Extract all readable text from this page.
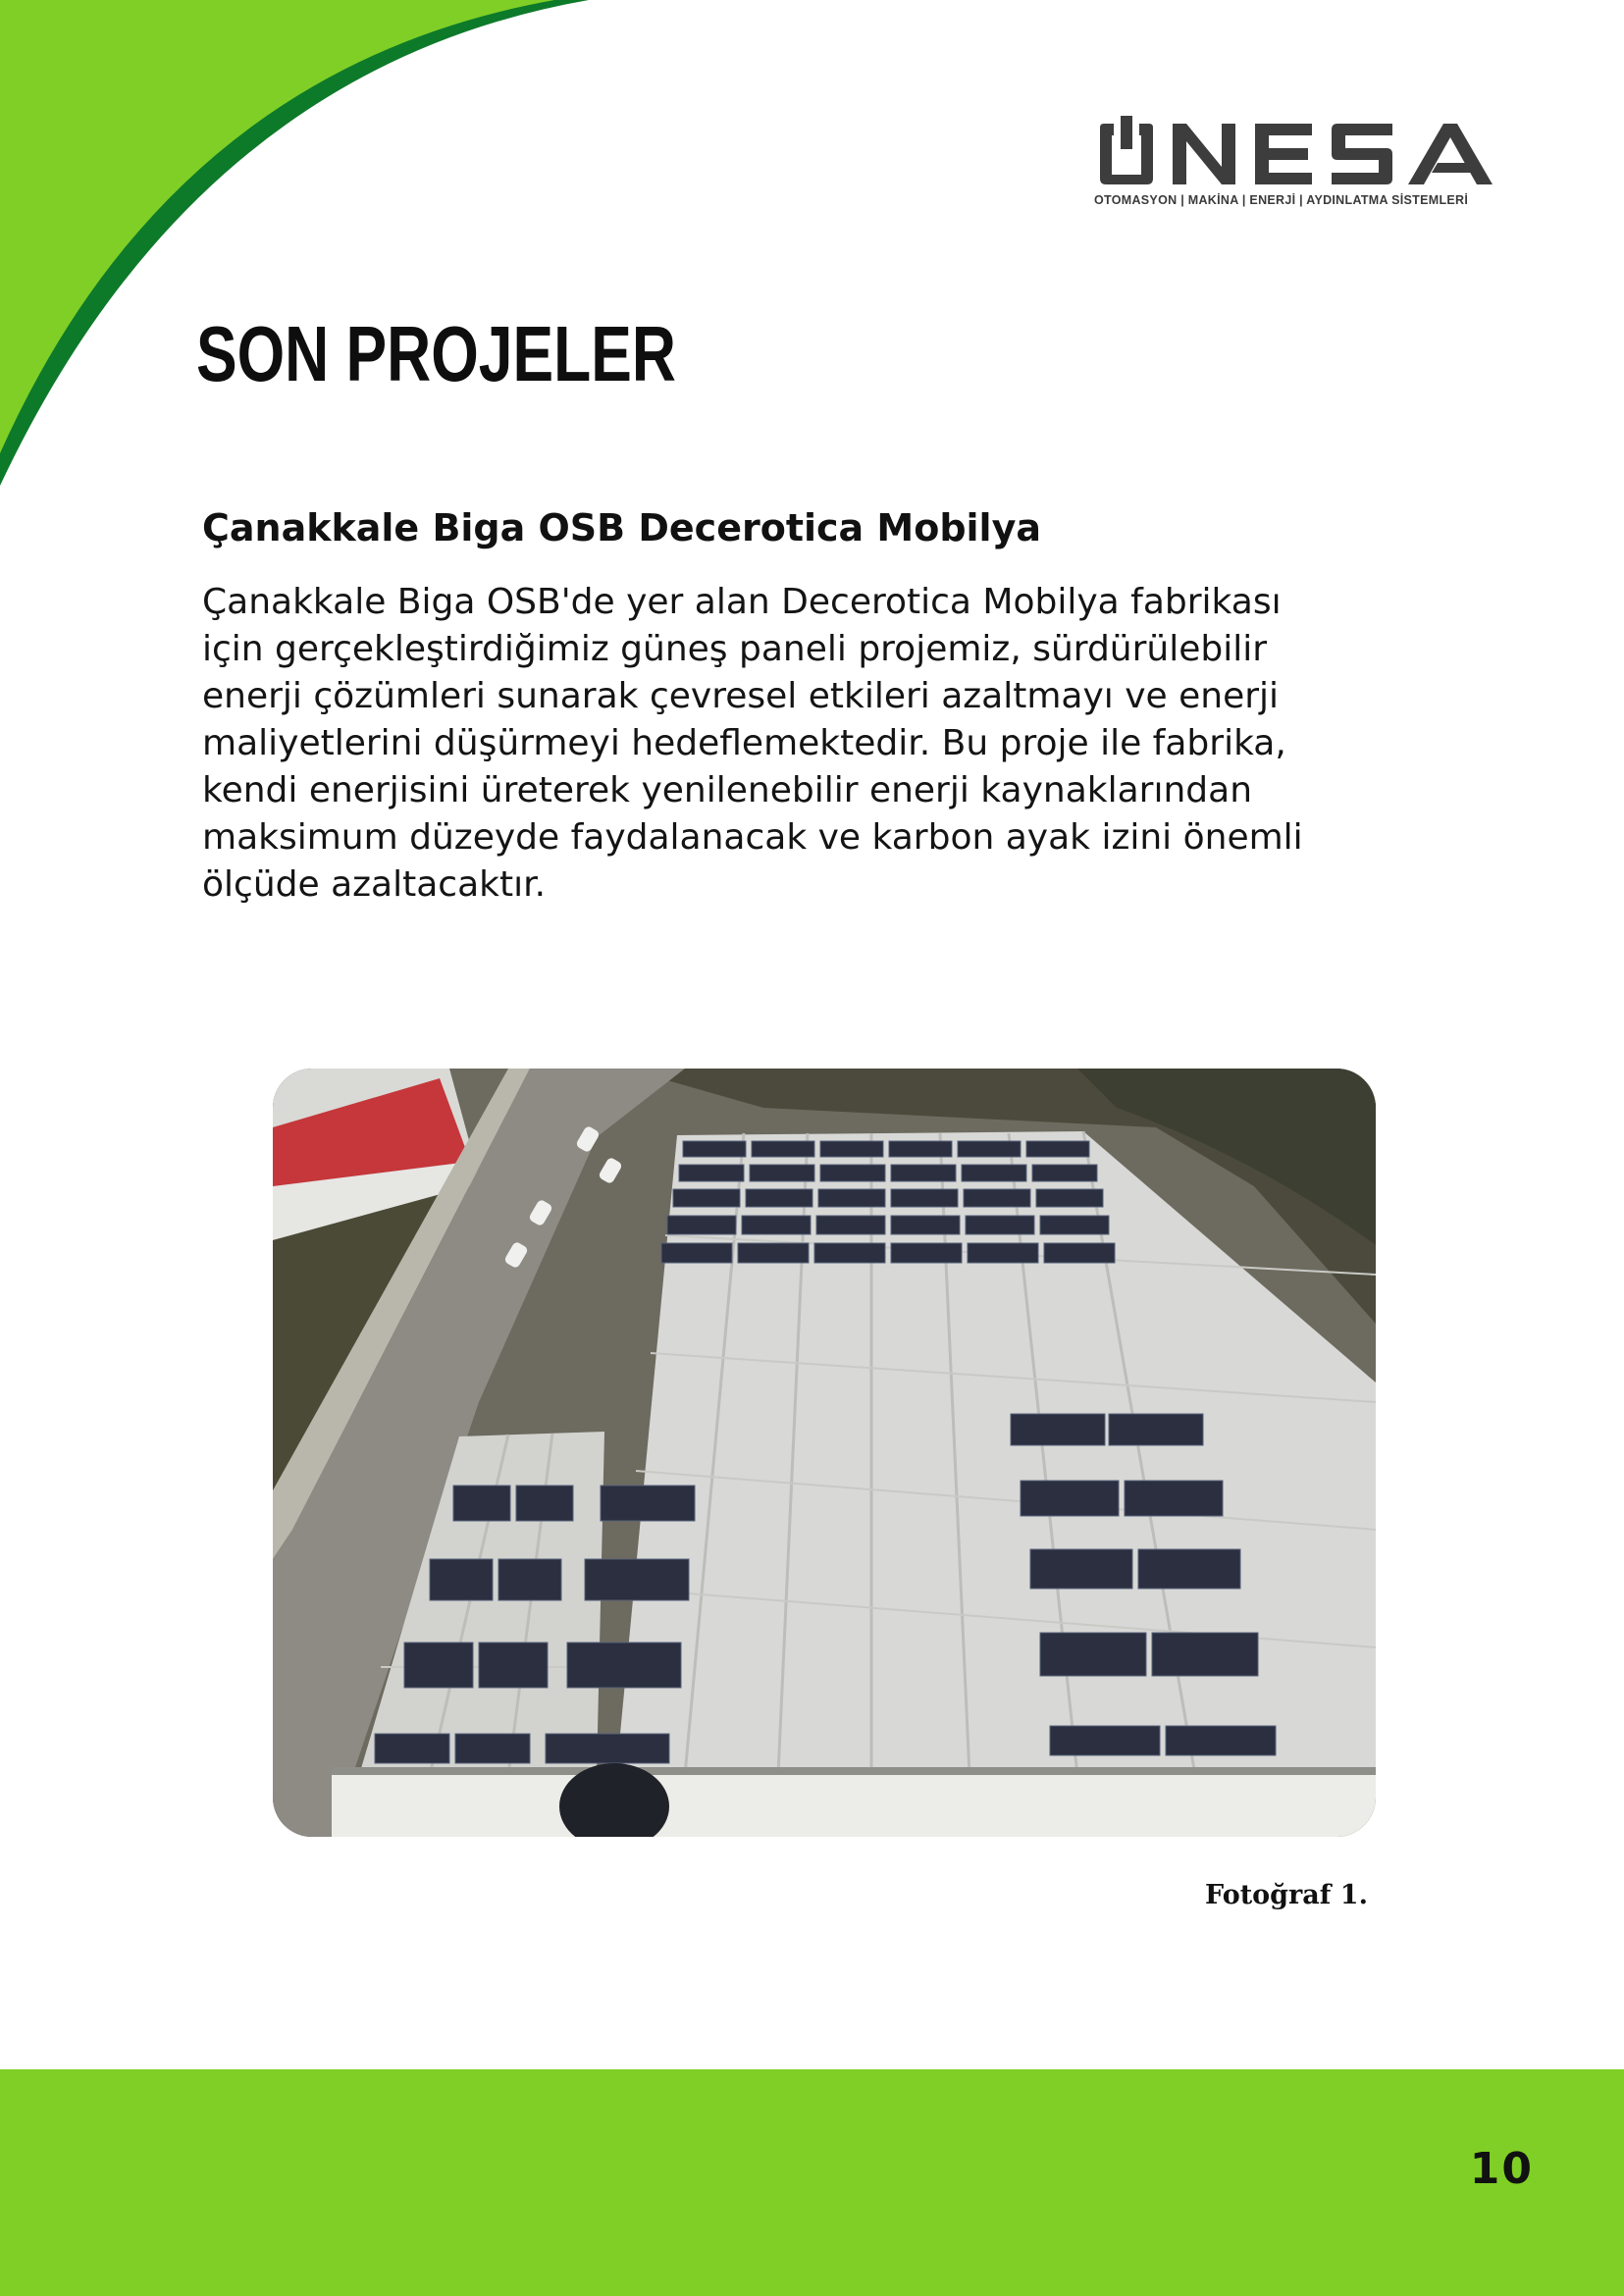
OTOMASYON | MAKİNA | ENERJİ | AYDINLATMA SİSTEMLERİ
SON PROJELER
Çanakkale Biga OSB Decerotica Mobilya

Çanakkale Biga OSB'de yer alan Decerotica Mobilya fabrikası
için gerçekleştirdiğimiz güneş paneli projemiz, sürdürülebilir
enerji çözümleri sunarak çevresel etkileri azaltmayı ve enerji
maliyetlerini düşürmeyi hedeflemektedir. Bu proje ile fabrika,
kendi enerjisini üreterek yenilenebilir enerji kaynaklarından
maksimum düzeyde faydalanacak ve karbon ayak izini önemli
ölçüde azaltacaktır.

Fotoğraf 1.
10
